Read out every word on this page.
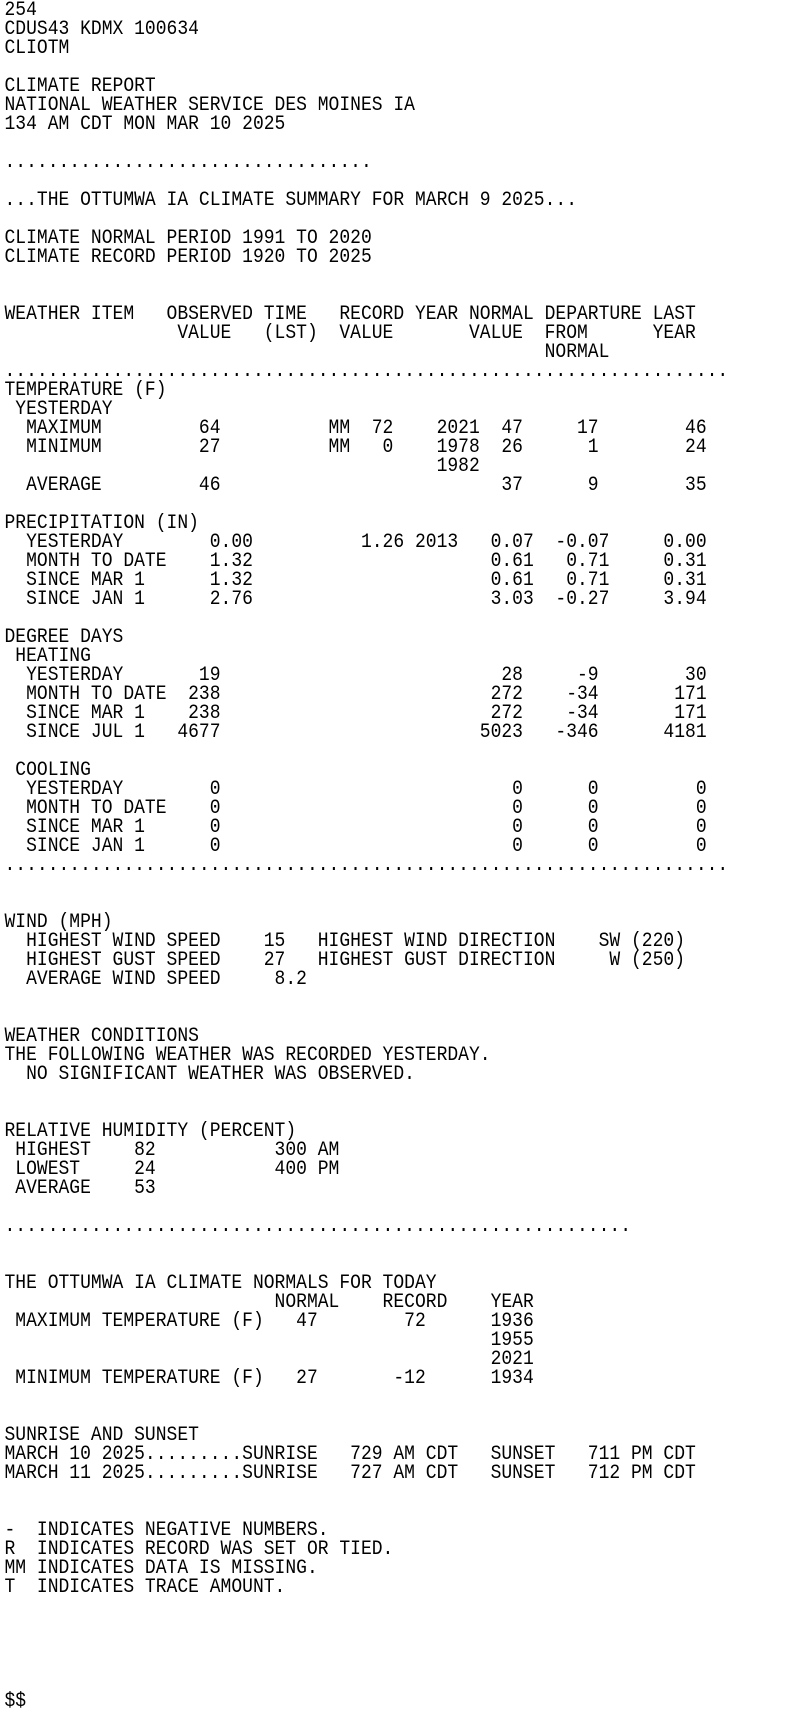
254
CDUS43 KDMX 100634
CLIOTM
CLIMATE REPORT
NATIONAL WEATHER SERVICE DES MOINES IA
134 AM CDT MON MAR 10 2025
..................................
...THE OTTUMWA IA CLIMATE SUMMARY FOR MARCH 9 2025...
CLIMATE NORMAL PERIOD 1991 TO 2020
CLIMATE RECORD PERIOD 1920 TO 2025
WEATHER ITEM   OBSERVED TIME   RECORD YEAR NORMAL DEPARTURE LAST
VALUE   (LST)  VALUE       VALUE  FROM      YEAR
NORMAL
...................................................................
TEMPERATURE (F)
YESTERDAY
MAXIMUM         64          MM  72    2021  47     17        46
MINIMUM         27          MM   0    1978  26      1        24
1982
AVERAGE         46                          37      9        35
PRECIPITATION (IN)
YESTERDAY        0.00          1.26 2013   0.07  -0.07     0.00
MONTH TO DATE    1.32                      0.61   0.71     0.31
SINCE MAR 1      1.32                      0.61   0.71     0.31
SINCE JAN 1      2.76                      3.03  -0.27     3.94
DEGREE DAYS
HEATING
YESTERDAY       19                          28     -9        30
MONTH TO DATE  238                         272    -34       171
SINCE MAR 1    238                         272    -34       171
SINCE JUL 1   4677                        5023   -346      4181
COOLING
YESTERDAY        0                           0      0         0
MONTH TO DATE    0                           0      0         0
SINCE MAR 1      0                           0      0         0
SINCE JAN 1      0                           0      0         0
...................................................................
WIND (MPH)
HIGHEST WIND SPEED    15   HIGHEST WIND DIRECTION    SW (220)
HIGHEST GUST SPEED    27   HIGHEST GUST DIRECTION     W (250)
AVERAGE WIND SPEED     8.2
WEATHER CONDITIONS
THE FOLLOWING WEATHER WAS RECORDED YESTERDAY.
NO SIGNIFICANT WEATHER WAS OBSERVED.
RELATIVE HUMIDITY (PERCENT)
HIGHEST    82           300 AM
LOWEST     24           400 PM
AVERAGE    53
..........................................................
THE OTTUMWA IA CLIMATE NORMALS FOR TODAY
NORMAL    RECORD    YEAR
MAXIMUM TEMPERATURE (F)   47        72      1936
1955
2021
MINIMUM TEMPERATURE (F)   27       -12      1934
SUNRISE AND SUNSET
MARCH 10 2025.........SUNRISE   729 AM CDT   SUNSET   711 PM CDT
MARCH 11 2025.........SUNRISE   727 AM CDT   SUNSET   712 PM CDT
-  INDICATES NEGATIVE NUMBERS.
R  INDICATES RECORD WAS SET OR TIED.
MM INDICATES DATA IS MISSING.
T  INDICATES TRACE AMOUNT.
$$
